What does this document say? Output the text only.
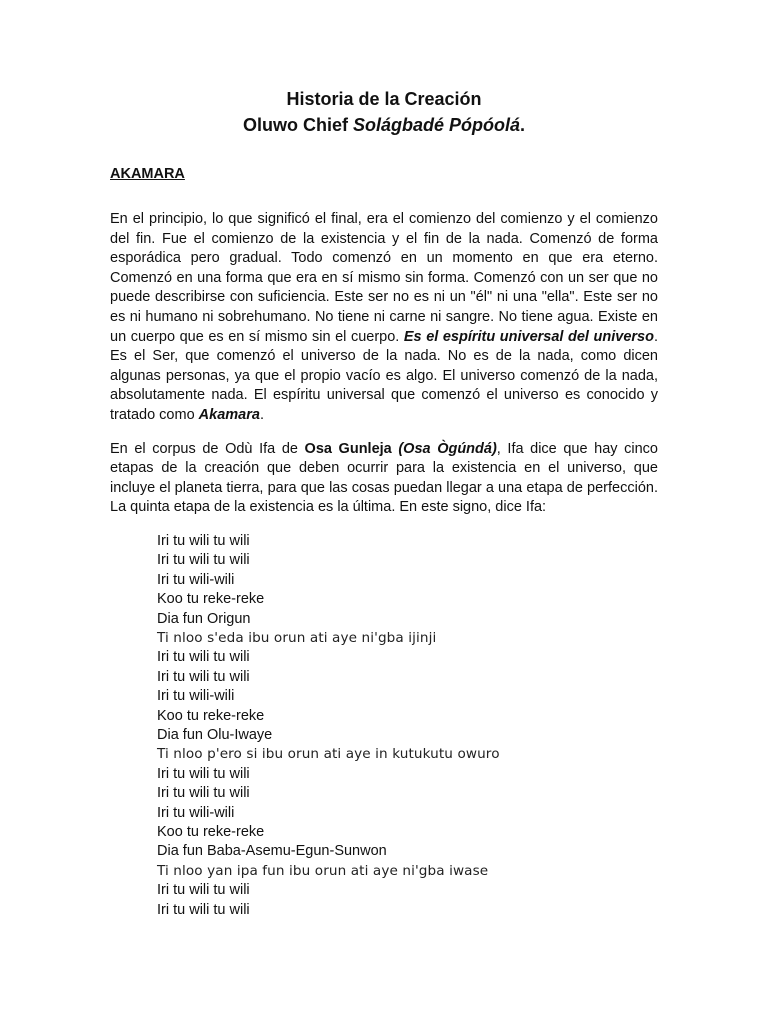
Historia de la Creación
Oluwo Chief Solágbadé Pópóolá.
AKAMARA

En el principio, lo que significó el final, era el comienzo del comienzo y el comienzo del fin. Fue el comienzo de la existencia y el fin de la nada. Comenzó de forma esporádica pero gradual. Todo comenzó en un momento en que era eterno. Comenzó en una forma que era en sí mismo sin forma. Comenzó con un ser que no puede describirse con suficiencia. Este ser no es ni un "él" ni una "ella". Este ser no es ni humano ni sobrehumano. No tiene ni carne ni sangre. No tiene agua. Existe en un cuerpo que es en sí mismo sin el cuerpo. Es el espíritu universal del universo. Es el Ser, que comenzó el universo de la nada. No es de la nada, como dicen algunas personas, ya que el propio vacío es algo. El universo comenzó de la nada, absolutamente nada. El espíritu universal que comenzó el universo es conocido y tratado como Akamara.

En el corpus de Odù Ifa de Osa Gunleja (Osa Ògúndá), Ifa dice que hay cinco etapas de la creación que deben ocurrir para la existencia en el universo, que incluye el planeta tierra, para que las cosas puedan llegar a una etapa de perfección. La quinta etapa de la existencia es la última. En este signo, dice Ifa:

Iri tu wili tu wili
Iri tu wili tu wili
Iri tu wili-wili
Koo tu reke-reke
Dia fun Origun
Ti nloo s'eda ibu orun ati aye ni'gba ijinji
Iri tu wili tu wili
Iri tu wili tu wili
Iri tu wili-wili
Koo tu reke-reke
Dia fun Olu-Iwaye
Ti nloo p'ero si ibu orun ati aye in kutukutu owuro
Iri tu wili tu wili
Iri tu wili tu wili
Iri tu wili-wili
Koo tu reke-reke
Dia fun Baba-Asemu-Egun-Sunwon
Ti nloo yan ipa fun ibu orun ati aye ni'gba iwase
Iri tu wili tu wili
Iri tu wili tu wili
